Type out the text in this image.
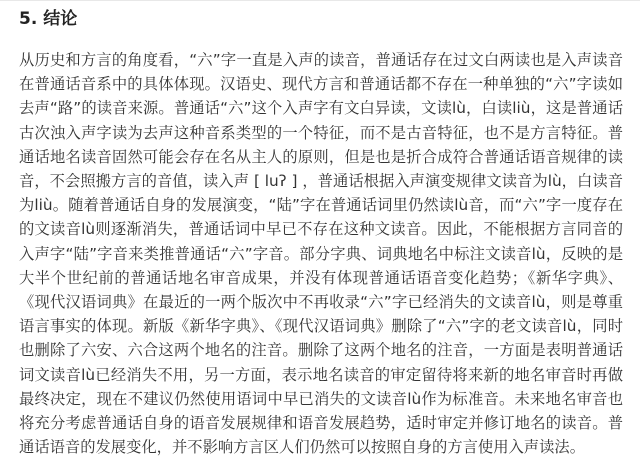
5. 结论

从历史和方言的角度看，“六”字一直是入声的读音，普通话存在过文白两读也是入声读音在普通话音系中的具体体现。汉语史、现代方言和普通话都不存在一种单独的“六”字读如去声“路”的读音来源。普通话“六”这个入声字有文白异读，文读lù，白读liù，这是普通话古次浊入声字读为去声这种音系类型的一个特征，而不是古音特征，也不是方言特征。普通话地名读音固然可能会存在名从主人的原则，但是也是折合成符合普通话语音规律的读音，不会照搬方言的音值，读入声 [ luʔ ] ，普通话根据入声演变规律文读音为lù，白读音为liù。随着普通话自身的发展演变，“陆”字在普通话词里仍然读lù音，而“六”字一度存在的文读音lù则逐渐消失，普通话词中早已不存在这种文读音。因此，不能根据方言同音的入声字“陆”字音来类推普通话“六”字音。部分字典、词典地名中标注文读音lù，反映的是大半个世纪前的普通话地名审音成果，并没有体现普通话语音变化趋势；《新华字典》、《现代汉语词典》在最近的一两个版次中不再收录“六”字已经消失的文读音lù，则是尊重语言事实的体现。新版《新华字典》、《现代汉语词典》删除了“六”字的老文读音lù，同时也删除了六安、六合这两个地名的注音。删除了这两个地名的注音，一方面是表明普通话词文读音lù已经消失不用，另一方面，表示地名读音的审定留待将来新的地名审音时再做最终决定，现在不建议仍然使用语词中早已消失的文读音lù作为标准音。未来地名审音也将充分考虑普通话自身的语音发展规律和语音发展趋势，适时审定并修订地名的读音。普通话语音的发展变化，并不影响方言区人们仍然可以按照自身的方言使用入声读法。
